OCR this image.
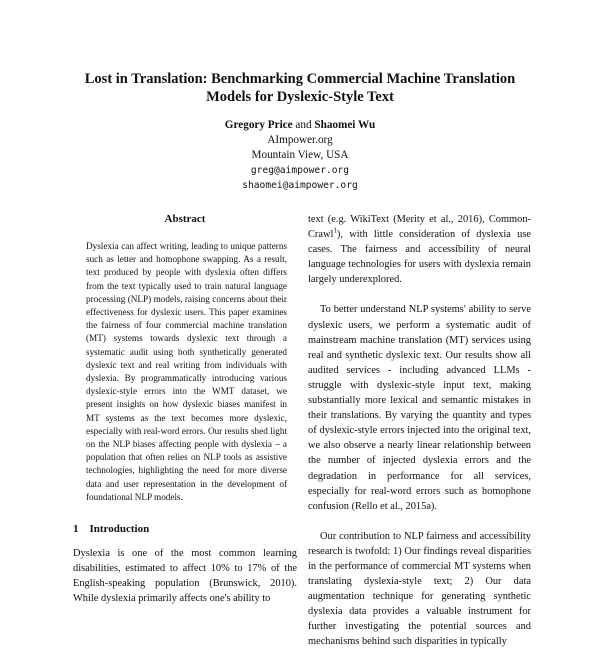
Lost in Translation: Benchmarking Commercial Machine Translation
Models for Dyslexic-Style Text
Gregory Price and Shaomei Wu
AImpower.org
Mountain View, USA
greg@aimpower.org
shaomei@aimpower.org
Abstract

Dyslexia can affect writing, leading to unique patterns such as letter and homophone swapping. As a result, text produced by people with dyslexia often differs from the text typically used to train natural language processing (NLP) models, raising concerns about their effectiveness for dyslexic users. This paper examines the fairness of four commercial machine translation (MT) systems towards dyslexic text through a systematic audit using both synthetically generated dyslexic text and real writing from individuals with dyslexia. By programmatically introducing various dyslexic-style errors into the WMT dataset, we present insights on how dyslexic biases manifest in MT systems as the text becomes more dyslexic, especially with real-word errors. Our results shed light on the NLP biases affecting people with dyslexia – a population that often relies on NLP tools as assistive technologies, highlighting the need for more diverse data and user representation in the development of foundational NLP models.

1 Introduction

Dyslexia is one of the most common learning disabilities, estimated to affect 10% to 17% of the English-speaking population (Brunswick, 2010). While dyslexia primarily affects one's ability to

text (e.g. WikiText (Merity et al., 2016), Common-Crawl$^1$), with little consideration of dyslexia use cases. The fairness and accessibility of neural language technologies for users with dyslexia remain largely underexplored.

To better understand NLP systems' ability to serve dyslexic users, we perform a systematic audit of mainstream machine translation (MT) services using real and synthetic dyslexic text. Our results show all audited services - including advanced LLMs - struggle with dyslexic-style input text, making substantially more lexical and semantic mistakes in their translations. By varying the quantity and types of dyslexic-style errors injected into the original text, we also observe a nearly linear relationship between the number of injected dyslexia errors and the degradation in performance for all services, especially for real-word errors such as homophone confusion (Rello et al., 2015a).

Our contribution to NLP fairness and accessibility research is twofold: 1) Our findings reveal disparities in the performance of commercial MT systems when translating dyslexia-style text; 2) Our data augmentation technique for generating synthetic dyslexia data provides a valuable instrument for further investigating the potential sources and mechanisms behind such disparities in typically
